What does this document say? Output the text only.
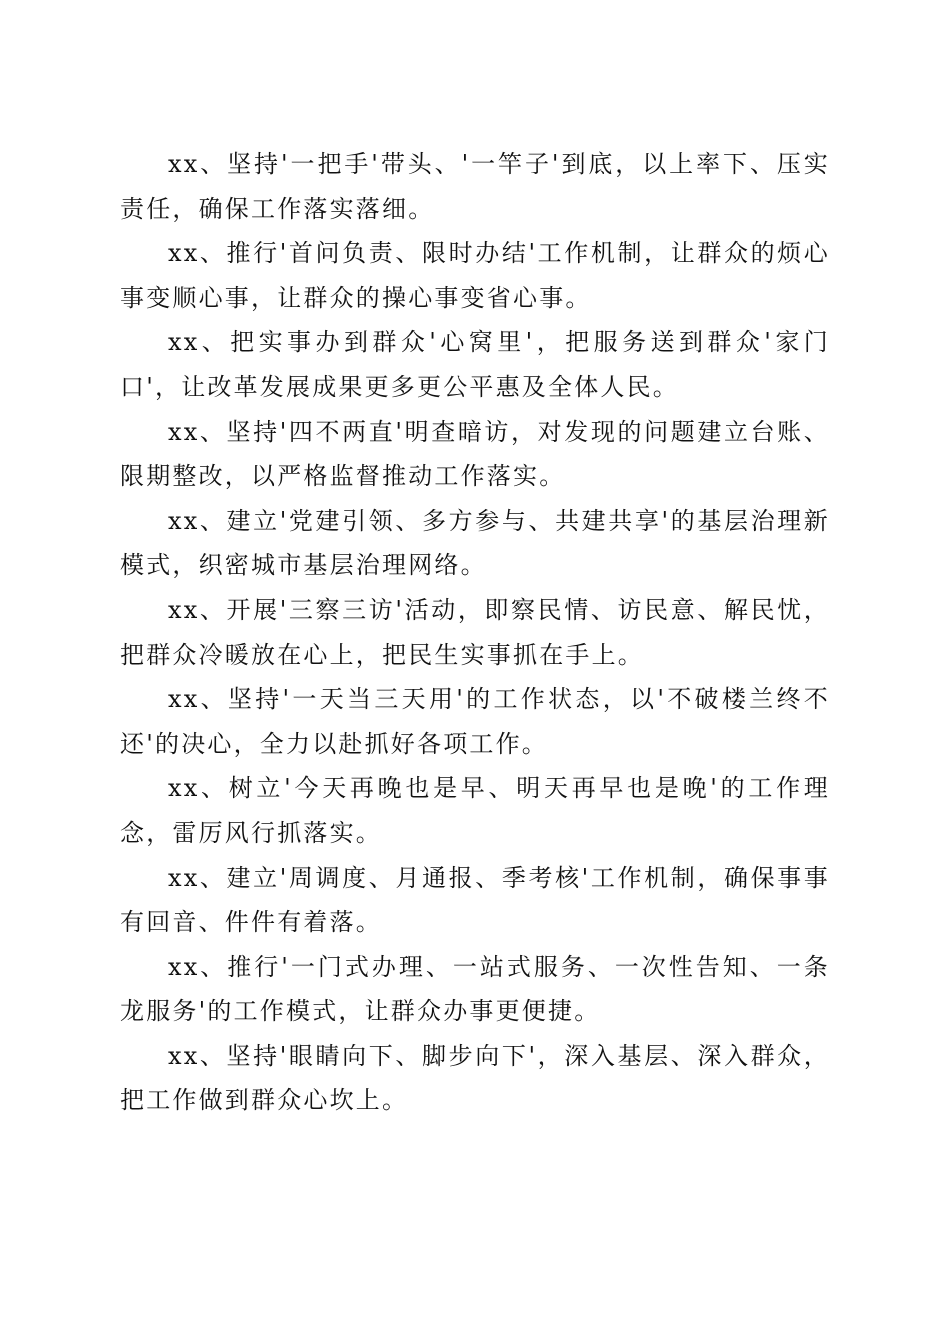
xx、坚持'一把手'带头、'一竿子'到底，以上率下、压实责任，确保工作落实落细。

xx、推行'首问负责、限时办结'工作机制，让群众的烦心事变顺心事，让群众的操心事变省心事。

xx、把实事办到群众'心窝里'，把服务送到群众'家门口'，让改革发展成果更多更公平惠及全体人民。

xx、坚持'四不两直'明查暗访，对发现的问题建立台账、限期整改，以严格监督推动工作落实。

xx、建立'党建引领、多方参与、共建共享'的基层治理新模式，织密城市基层治理网络。

xx、开展'三察三访'活动，即察民情、访民意、解民忧，把群众冷暖放在心上，把民生实事抓在手上。

xx、坚持'一天当三天用'的工作状态，以'不破楼兰终不还'的决心，全力以赴抓好各项工作。

xx、树立'今天再晚也是早、明天再早也是晚'的工作理念，雷厉风行抓落实。

xx、建立'周调度、月通报、季考核'工作机制，确保事事有回音、件件有着落。

xx、推行'一门式办理、一站式服务、一次性告知、一条龙服务'的工作模式，让群众办事更便捷。

xx、坚持'眼睛向下、脚步向下'，深入基层、深入群众，把工作做到群众心坎上。
